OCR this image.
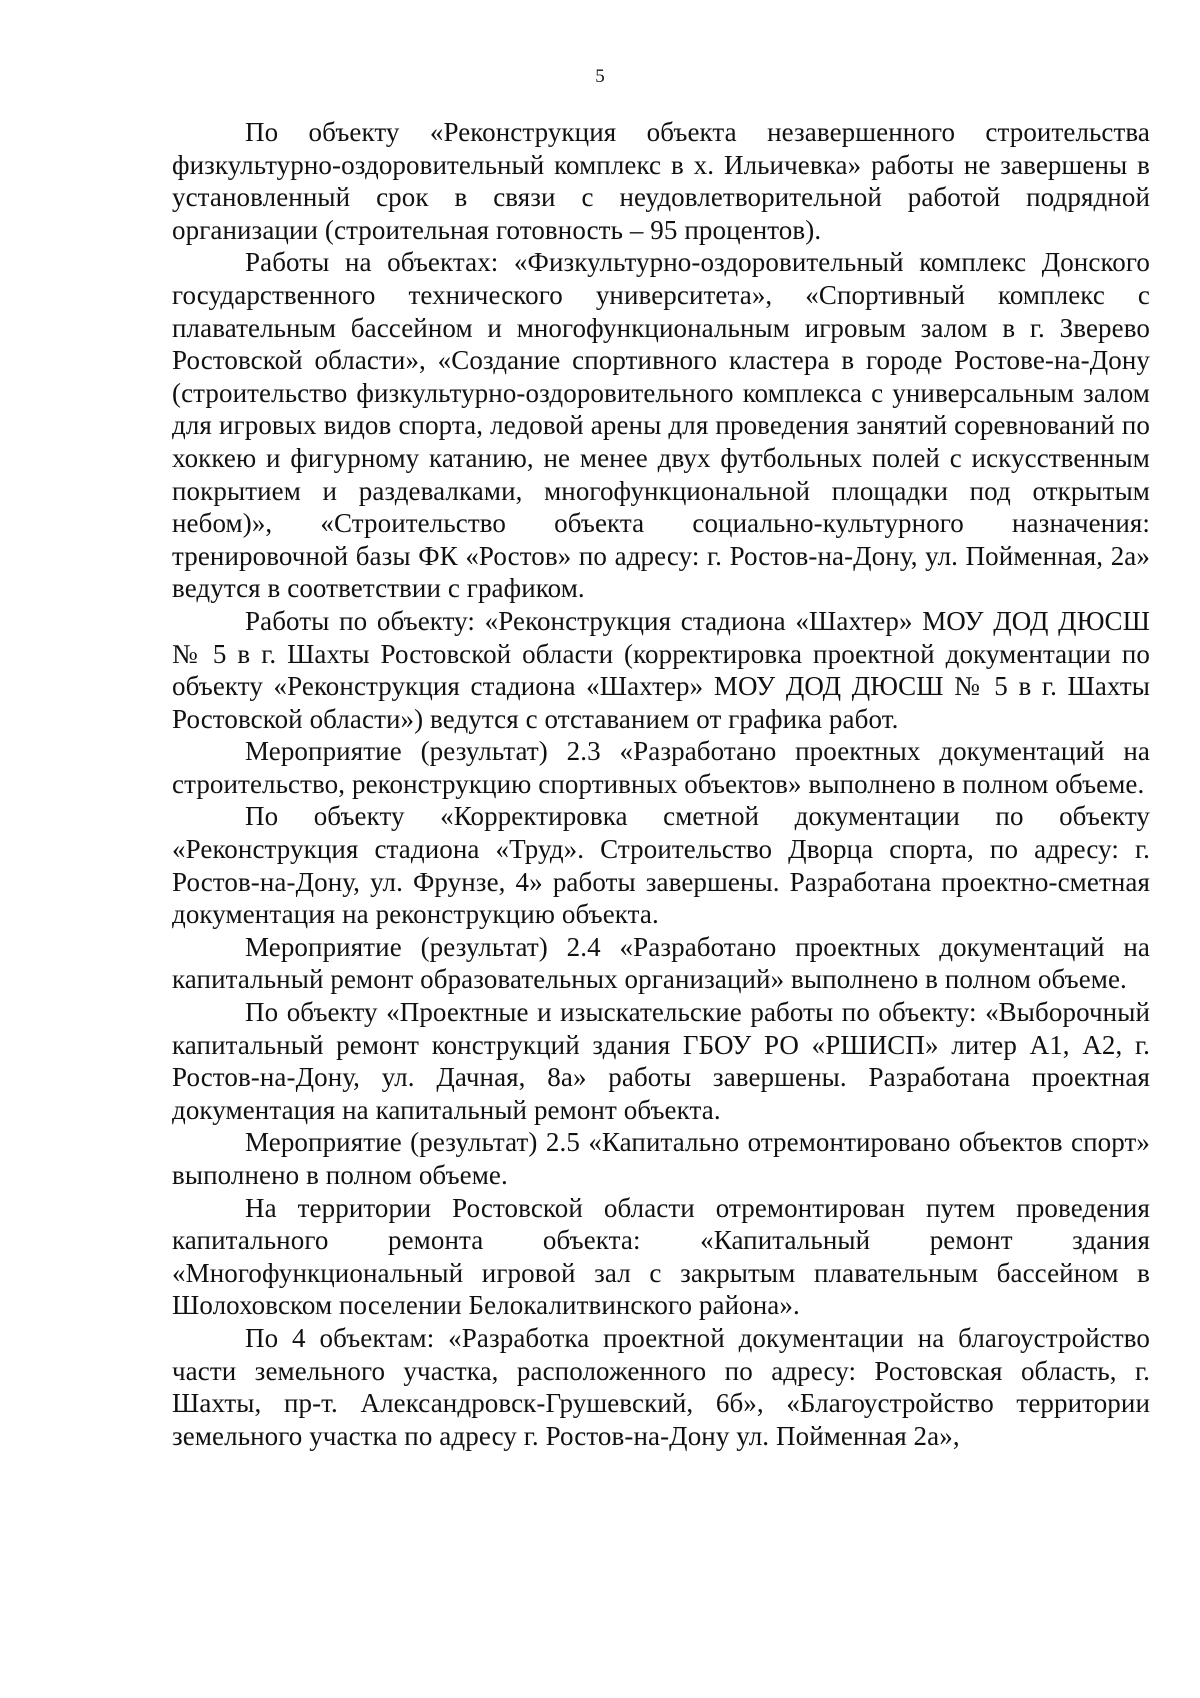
5

По объекту «Реконструкция объекта незавершенного строительства физкультурно-оздоровительный комплекс в х. Ильичевка» работы не завершены в установленный срок в связи с неудовлетворительной работой подрядной организации (строительная готовность – 95 процентов).

Работы на объектах: «Физкультурно-оздоровительный комплекс Донского государственного технического университета», «Спортивный комплекс с плавательным бассейном и многофункциональным игровым залом в г. Зверево Ростовской области», «Создание спортивного кластера в городе Ростове-на-Дону (строительство физкультурно-оздоровительного комплекса с универсальным залом для игровых видов спорта, ледовой арены для проведения занятий соревнований по хоккею и фигурному катанию, не менее двух футбольных полей с искусственным покрытием и раздевалками, многофункциональной площадки под открытым небом)», «Строительство объекта социально-культурного назначения: тренировочной базы ФК «Ростов» по адресу: г. Ростов-на-Дону, ул. Пойменная, 2а» ведутся в соответствии с графиком.

Работы по объекту: «Реконструкция стадиона «Шахтер» МОУ ДОД ДЮСШ № 5 в г. Шахты Ростовской области (корректировка проектной документации по объекту «Реконструкция стадиона «Шахтер» МОУ ДОД ДЮСШ № 5 в г. Шахты Ростовской области») ведутся с отставанием от графика работ.

Мероприятие (результат) 2.3 «Разработано проектных документаций на строительство, реконструкцию спортивных объектов» выполнено в полном объеме.

По объекту «Корректировка сметной документации по объекту «Реконструкция стадиона «Труд». Строительство Дворца спорта, по адресу: г. Ростов-на-Дону, ул. Фрунзе, 4» работы завершены. Разработана проектно-сметная документация на реконструкцию объекта.

Мероприятие (результат) 2.4 «Разработано проектных документаций на капитальный ремонт образовательных организаций» выполнено в полном объеме.

По объекту «Проектные и изыскательские работы по объекту: «Выборочный капитальный ремонт конструкций здания ГБОУ РО «РШИСП» литер А1, А2, г. Ростов-на-Дону, ул. Дачная, 8а» работы завершены. Разработана проектная документация на капитальный ремонт объекта.

Мероприятие (результат) 2.5 «Капитально отремонтировано объектов спорт» выполнено в полном объеме.

На территории Ростовской области отремонтирован путем проведения капитального ремонта объекта: «Капитальный ремонт здания «Многофункциональный игровой зал с закрытым плавательным бассейном в Шолоховском поселении Белокалитвинского района».

По 4 объектам: «Разработка проектной документации на благоустройство части земельного участка, расположенного по адресу: Ростовская область, г. Шахты, пр-т. Александровск-Грушевский, 6б», «Благоустройство территории земельного участка по адресу г. Ростов-на-Дону ул. Пойменная 2а»,
